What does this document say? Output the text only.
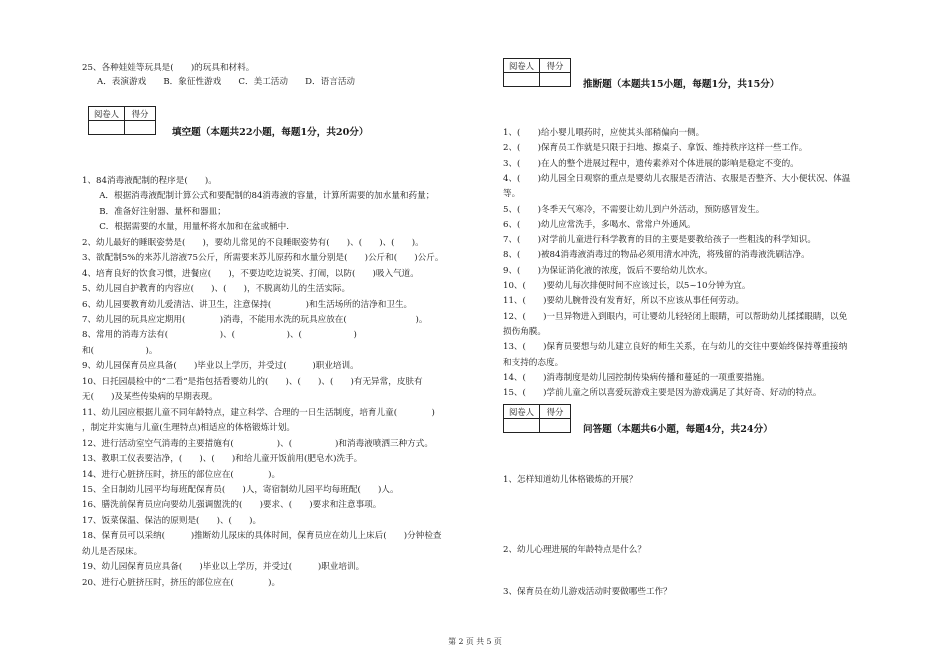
25、各种娃娃等玩具是(　　)的玩具和材料。
A．表演游戏　　B．象征性游戏　　C．美工活动　　D．语言活动
阅卷人	得分

填空题（本题共22小题，每题1分，共20分）
1、84消毒液配制的程序是(　　)。
　　A．根据消毒液配制计算公式和要配制的84消毒液的容量，计算所需要的加水量和药量；
　　B．准备好注射器、量杯和器皿；
　　C．根据需要的水量，用量杯将水加和在盆或桶中.
2、幼儿最好的睡眠姿势是(　　)，要幼儿常见的不良睡眠姿势有(　　)、(　　)、(　　)。
3、欲配制5%的来苏儿溶液75公斤，所需要来苏儿原药和水量分别是(　　)公斤和(　　)公斤。
4、培育良好的饮食习惯，进餐应(　　)，不要边吃边说笑、打闹，以防(　　)吸入气道。
5、幼儿园自护教育的内容应(　　)、(　　)，不脱离幼儿的生活实际。
6、幼儿园要教育幼儿爱清洁、讲卫生，注意保持(　　　　)和生活场所的洁净和卫生。
7、幼儿园的玩具应定期用(　　　　)消毒，不能用水洗的玩具应放在(　　　　　　　　)。
8、常用的消毒方法有(　　　　　　)、(　　　　　　)、(　　　　　　)
和(　　　　　　)。
9、幼儿园保育员应具备(　　)毕业以上学历，并受过(　　　)职业培训。
10、日托园晨检中的“二看”是指包括看婴幼儿的(　　)、(　　)、(　　)有无异常，皮肤有
无(　　)及某些传染病的早期表现。
11、幼儿园应根据儿童不同年龄特点，建立科学、合理的一日生活制度，培育儿童(　　　　)
，制定并实施与儿童(生理特点)相适应的体格锻炼计划。
12、进行活动室空气消毒的主要措施有(　　　　　)、(　　　　　)和消毒液喷洒三种方式。
13、教职工仪表要洁净，(　　)、(　　)和给儿童开饭前用(肥皂水)洗手。
14、进行心脏挤压时，挤压的部位应在(　　　　)。
15、全日制幼儿园平均每班配保育员(　　)人，寄宿制幼儿园平均每班配(　　)人。
16、膳洗前保育员应向要幼儿强调盥洗的(　　)要求、(　　)要求和注意事项。
17、饭菜保温、保洁的原则是(　　)、(　　)。
18、保育员可以采纳(　　　)推断幼儿尿床的具体时间，保育员应在幼儿上床后(　　)分钟检查
幼儿是否尿床。
19、幼儿园保育员应具备(　　)毕业以上学历，并受过(　　　)职业培训。
20、进行心脏挤压时，挤压的部位应在(　　　　)。
阅卷人	得分

推断题（本题共15小题，每题1分，共15分）
1、(　　)给小婴儿喂药时，应使其头部稍偏向一侧。
2、(　　)保育员工作就是只限于扫地、擦桌子、拿饭、维持秩序这样一些工作。
3、(　　)在人的整个进展过程中，遗传素养对个体进展的影响是稳定不变的。
4、(　　)幼儿园全日观察的重点是婴幼儿衣服是否清洁、衣服是否整齐、大小便状况、体温
等。
5、(　　)冬季天气寒冷，不需要让幼儿到户外活动，预防感冒发生。
6、(　　)幼儿应常洗手，多喝水、常常户外通风。
7、(　　)对学前儿童进行科学教育的目的主要是要教给孩子一些粗浅的科学知识。
8、(　　)被84消毒液消毒过的物品必须用清水冲洗，将残留的消毒液洗刷洁净。
9、(　　)为保证消化液的浓度，饭后不要给幼儿饮水。
10、(　　)要幼儿每次排便时间不应该过长，以5~10分钟为宜。
11、(　　)要幼儿腕骨没有发育好，所以不应该从事任何劳动。
12、(　　)一旦异物进入到眼内，可让婴幼儿轻轻闭上眼睛，可以帮助幼儿揉揉眼睛，以免
损伤角膜。
13、(　　)保育员要想与幼儿建立良好的师生关系，在与幼儿的交往中要始终保持尊重接纳
和支持的态度。
14、(　　)消毒制度是幼儿园控制传染病传播和蔓延的一项重要措施。
15、(　　)学前儿童之所以喜爱玩游戏主要是因为游戏满足了其好奇、好动的特点。
阅卷人	得分

问答题（本题共6小题，每题4分，共24分）
1、怎样知道幼儿体格锻炼的开展？
2、幼儿心理进展的年龄特点是什么？
3、保育员在幼儿游戏活动时要做哪些工作？
第 2 页 共 5 页
